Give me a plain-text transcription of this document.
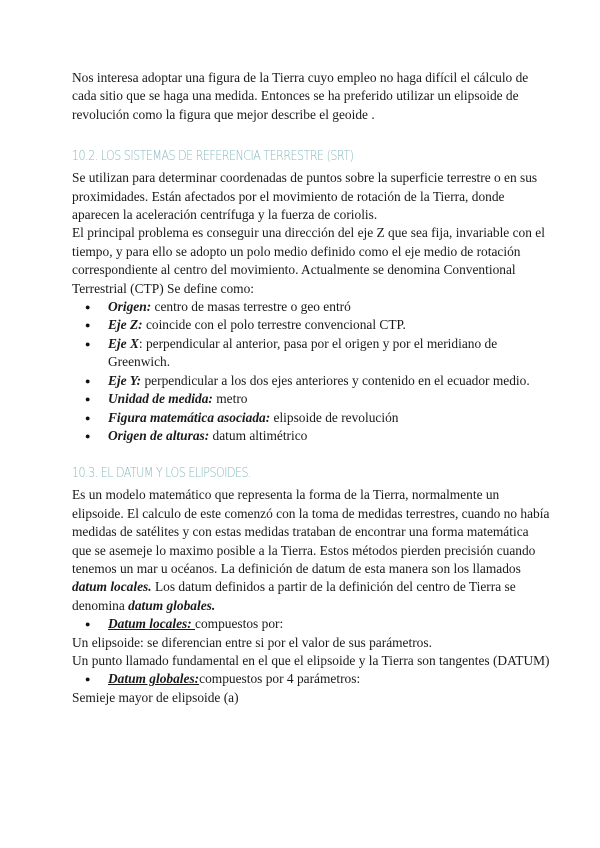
Nos interesa adoptar una figura de la Tierra cuyo empleo no haga difícil el cálculo de cada sitio que se haga una medida. Entonces se ha preferido utilizar un elipsoide de revolución como la figura que mejor describe el geoide .

10.2. LOS SISTEMAS DE REFERENCIA TERRESTRE (SRT)

Se utilizan para determinar coordenadas de puntos sobre la superficie terrestre o en sus proximidades. Están afectados por el movimiento de rotación de la Tierra, donde aparecen la aceleración centrífuga y la fuerza de coriolis.

El principal problema es conseguir una dirección del eje Z que sea fija, invariable con el tiempo, y para ello se adopto un polo medio definido como el eje medio de rotación correspondiente al centro del movimiento. Actualmente se denomina Conventional Terrestrial (CTP) Se define como:

● Origen: centro de masas terrestre o geo entró
● Eje Z: coincide con el polo terrestre convencional CTP.
● Eje X: perpendicular al anterior, pasa por el origen y por el meridiano de Greenwich.
● Eje Y: perpendicular a los dos ejes anteriores y contenido en el ecuador medio.
● Unidad de medida: metro
● Figura matemática asociada: elipsoide de revolución
● Origen de alturas: datum altimétrico
10.3. EL DATUM Y LOS ELIPSOIDES.

Es un modelo matemático que representa la forma de la Tierra, normalmente un elipsoide. El calculo de este comenzó con la toma de medidas terrestres, cuando no había medidas de satélites y con estas medidas trataban de encontrar una forma matemática que se asemeje lo maximo posible a la Tierra. Estos métodos pierden precisión cuando tenemos un mar u océanos. La definición de datum de esta manera son los llamados datum locales. Los datum definidos a partir de la definición del centro de Tierra se denomina datum globales.

● Datum locales: compuestos por:

Un elipsoide: se diferencian entre si por el valor de sus parámetros.

Un punto llamado fundamental en el que el elipsoide y la Tierra son tangentes (DATUM)

● Datum globales:compuestos por 4 parámetros:

Semieje mayor de elipsoide (a)
